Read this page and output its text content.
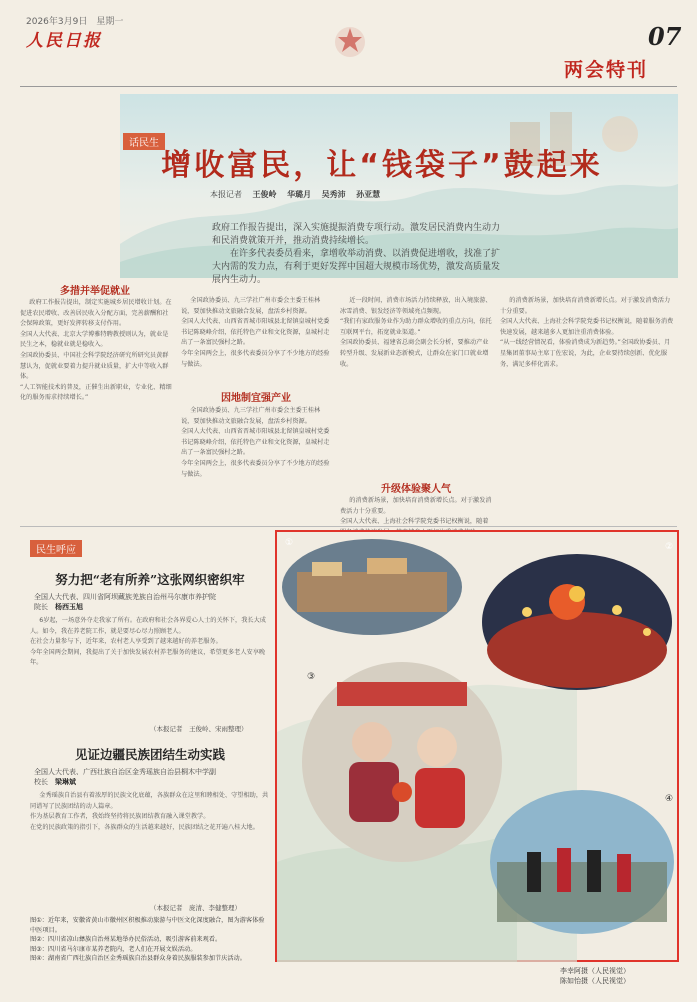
2026年3月9日　星期一
人民日报	07
两会特刊
话民生
增收富民，让“钱袋子”鼓起来
本报记者 王俊岭 华璐月 吴秀沛 孙亚慧
政府工作报告提出，深入实施提振消费专项行动。激发居民消费内生动力和民消费就策开并，推动消费持续增长。
　　在许多代表委员看来，拿增收举动消费、以消费促进增收，找准了扩大内需的发力点，有利于更好发挥中国超大规模市场优势，激发高质量发展内生动力。
多措并举促就业
政府工作报告提出，制定实施城乡居民增收计划。在促进农民增收、改善居民收入分配方面，完善薪酬和社会保障政策，更好发挥转移支付作用。
全国人大代表、北京大学博雅特聘教授则认为，就业是民生之本，稳就业就是稳收入。
全国政协委员、中国社会科学院经济研究所研究员黄群慧认为，促就业要着力提升就业质量，扩大中等收入群体。
“人工智能技术的普及，正催生出新职业，专业化、精细化的服务需求持续增长。”
全国政协委员、九三学社广州市委会主委王桂林说，要加快推动文旅融合发展，盘活乡村资源。
全国人大代表、山西省晋城市阳城县北留镇皇城村党委书记陈晓峰介绍，依托特色产业和文化资源，皇城村走出了一条富民强村之路。
今年全国两会上，很多代表委员分享了不少地方的经验与做法。
因地制宜强产业
全国政协委员、九三学社广州市委会主委王桂林说，要加快推动文旅融合发展，盘活乡村资源。
全国人大代表、山西省晋城市阳城县北留镇皇城村党委书记陈晓峰介绍，依托特色产业和文化资源，皇城村走出了一条富民强村之路。
今年全国两会上，很多代表委员分享了不少地方的经验与做法。
近一段时间，消费市场活力持续释放，出入境旅游、冰雪消费、银发经济等领域亮点频现。
“我们有家政服务业作为助力群众增收的重点方向，依托互联网平台，拓宽就业渠道。”
全国政协委员、福建省总商会副会长分析，要推动产业转型升级、发展新业态新模式，让群众在家门口就业增收。
升级体验聚人气
的消费新场景，加快培育消费新增长点。对于激发消费活力十分重要。
全国人大代表、上海社会科学院党委书记权衡说，随着

的消费新场景，加快培育消费新增长点。对于激发消费活力十分重要。
全国人大代表、上海社会科学院党委书记权衡说，随着服务消费快速发展，越来越多人更加注重消费体验。
“从一线经营情况看，体验消费成为新趋势。”全国政协委员、月星集团董事局主席丁佐宏说，为此，企业要持续创新、优化服务，满足多样化需求。
民生呼应
努力把“老有所养”这张网织密织牢
全国人大代表、四川省阿坝藏族羌族自治州马尔康市养护院
院长　 杨西玉旭
6岁起，一场意外夺走我家了所有。在政府和社会各界爱心人士的关怀下，我长大成人。如今，我在养老院工作，就是要尽心尽力照顾老人。
在社会力量参与下，近年来，农村老人享受到了越来越好的养老服务。
今年全国两会期间，我提出了关于加快发展农村养老服务的建议，希望更多老人安享晚年。
（本报记者　王俊岭、宋雨整理）
见证边疆民族团结生动实践
全国人大代表、广西壮族自治区金秀瑶族自治县桐木中学副
校长　 梁琳斌
金秀瑶族自治县有着浓厚的民族文化底蕴，各族群众在这里和睦相处、守望相助，共同谱写了民族团结的动人篇章。
作为基层教育工作者，我始终坚持将民族团结教育融入课堂教学。
在党的民族政策的指引下，各族群众的生活越来越好，民族团结之花开遍八桂大地。
（本报记者　庞清、李健整理）
图①：近年来，安徽省黄山市徽州区积极推动旅游与中医文化深度融合，图为游客体验中医项目。
图②：四川省凉山彝族自治州某地举办民俗活动，吸引游客前来观看。
图③：四川省马尔康市某养老院内，老人们在开展文娱活动。
图④：湖南省广西壮族自治区金秀瑶族自治县群众身着民族服装参加节庆活动。
①	②
③
④
李幸阿摄（人民视觉）
陈如怡摄（人民视觉）
